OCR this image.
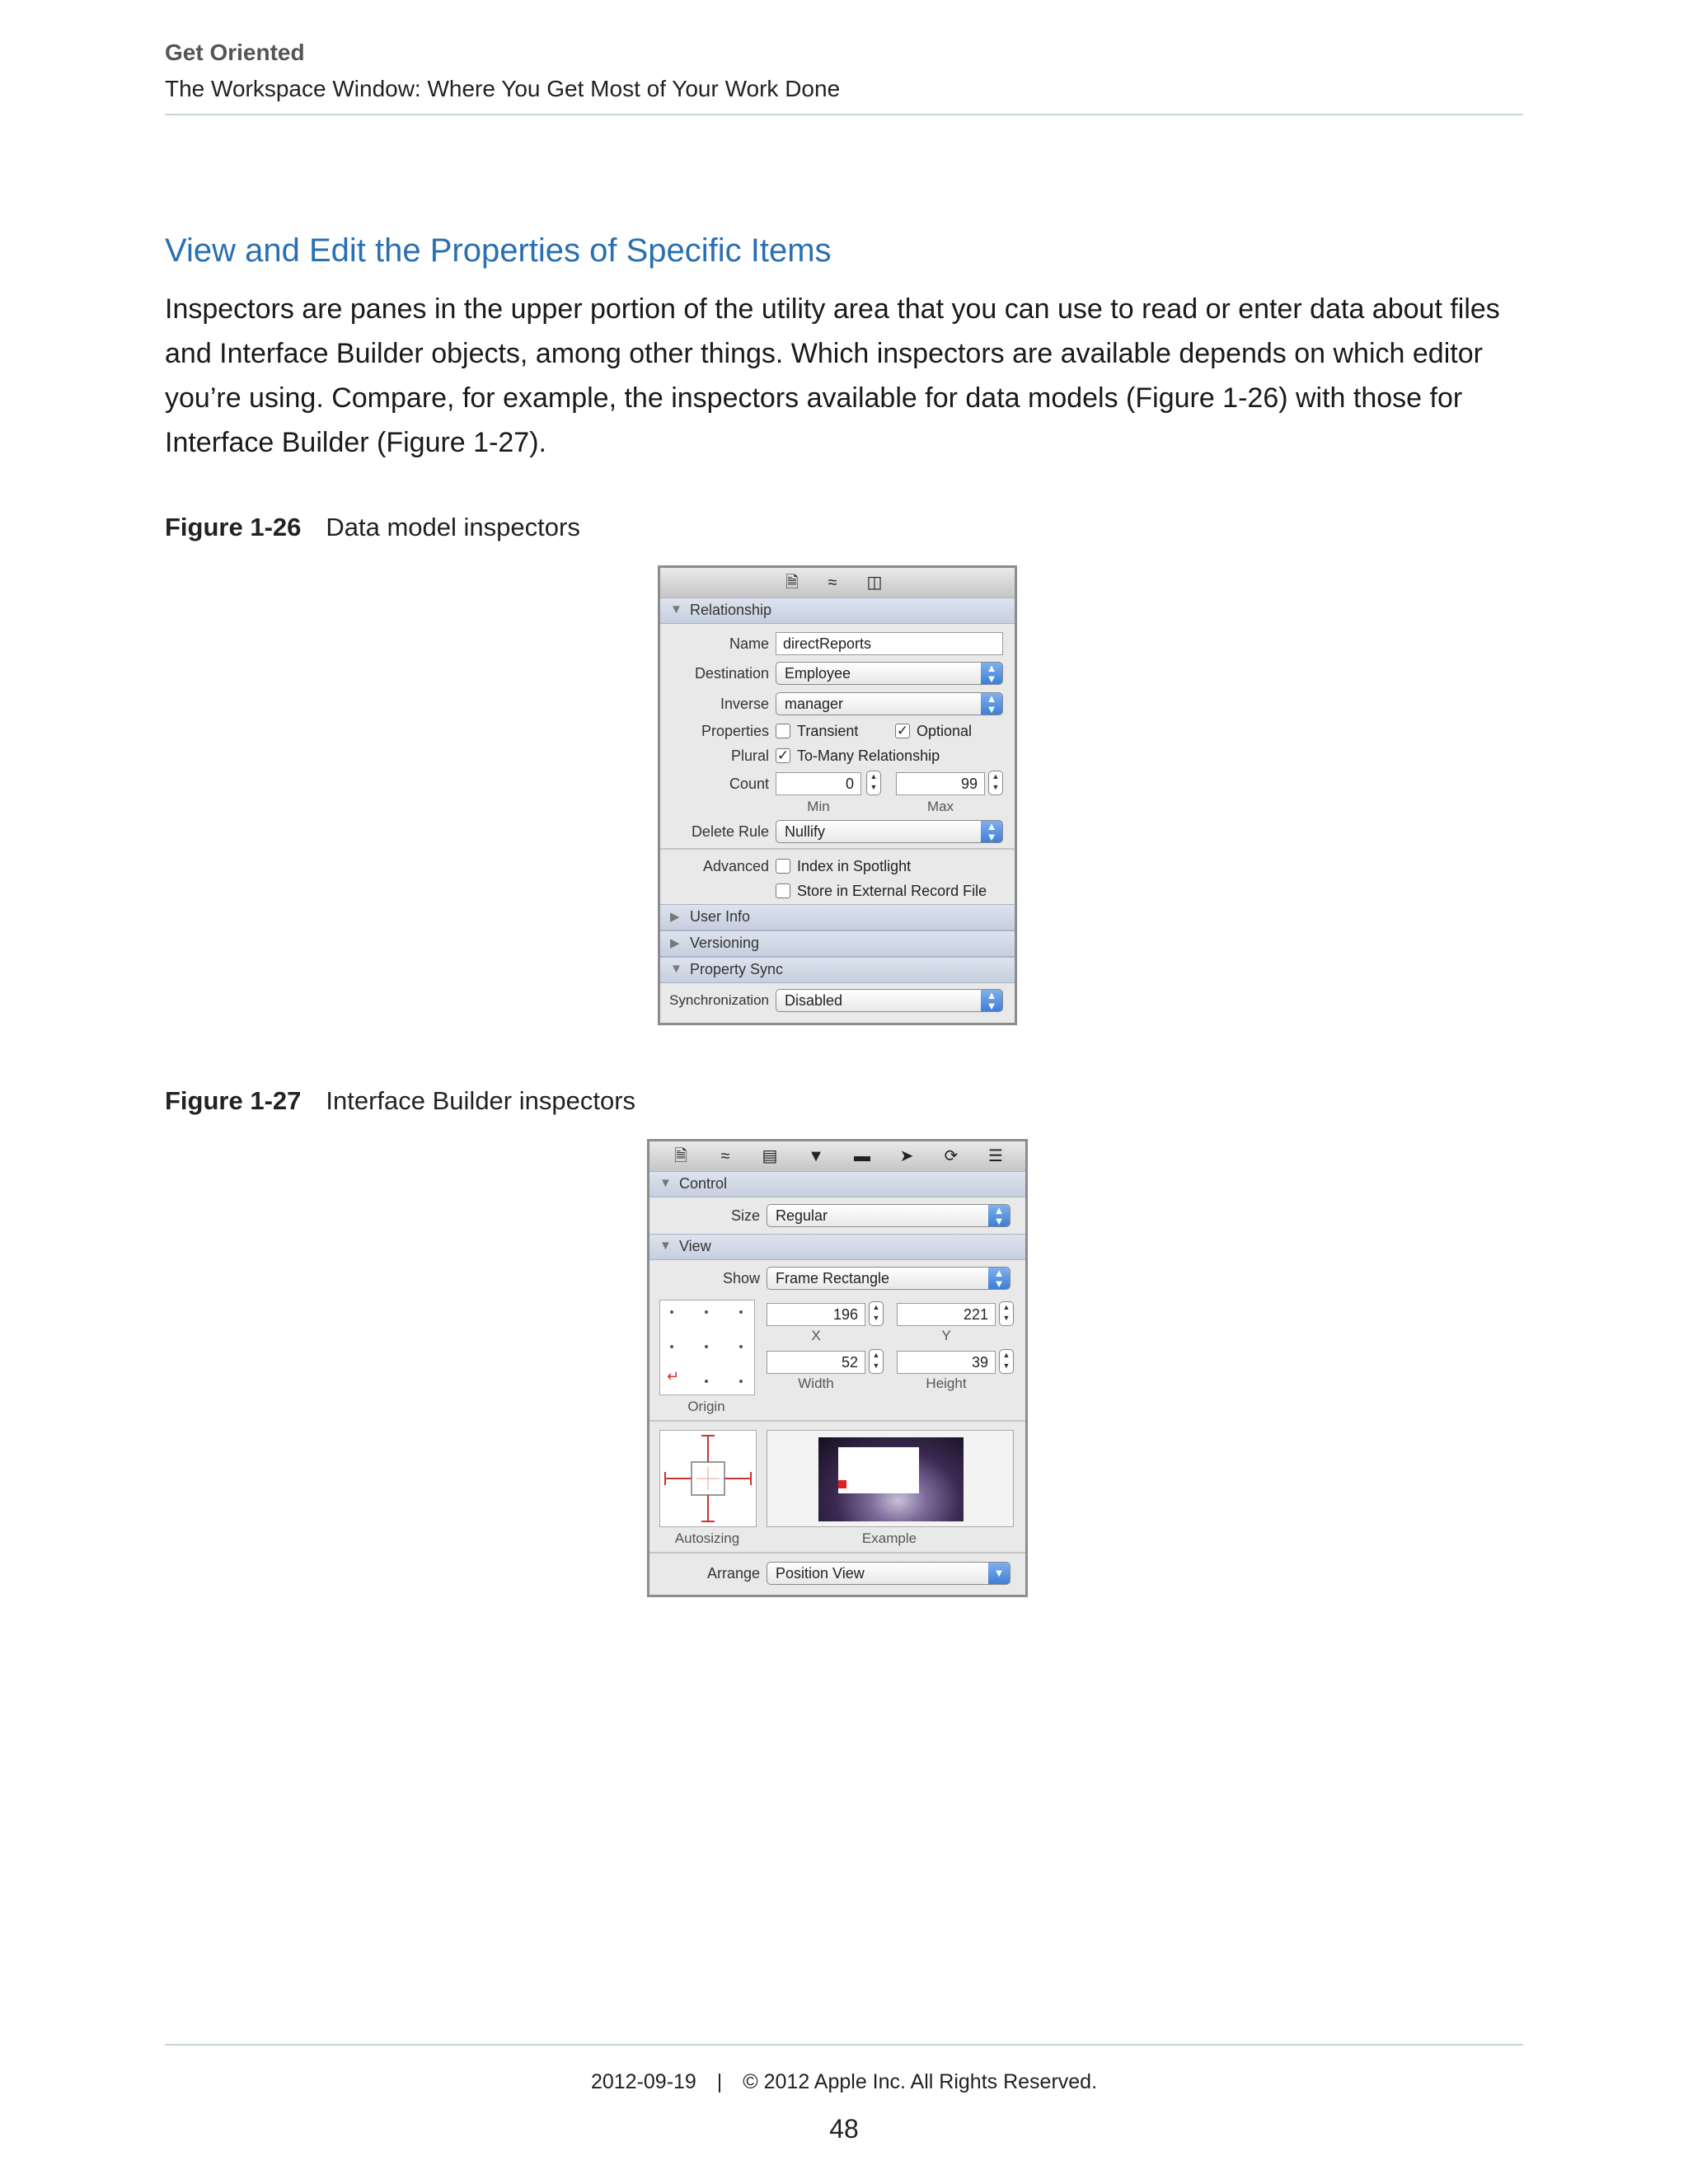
Get Oriented
The Workspace Window: Where You Get Most of Your Work Done
View and Edit the Properties of Specific Items

Inspectors are panes in the upper portion of the utility area that you can use to read or enter data about files and Interface Builder objects, among other things. Which inspectors are available depends on which editor you’re using. Compare, for example, the inspectors available for data models (Figure 1-26) with those for Interface Builder (Figure 1-27).

Figure 1-26 Data model inspectors
🗎	≈	◫
▼ Relationship
Name directReports
Destination	Employee	▲
▼
Inverse	manager	▲
▼
Properties Transient	✓ Optional
Plural ✓ To-Many Relationship
Count	0	▲
▼	99	▲
▼
Min	Max
Delete Rule	Nullify	▲
▼
Advanced Index in Spotlight
Store in External Record File
▶ User Info
▶ Versioning
▼ Property Sync
Synchronization	Disabled	▲
▼
Figure 1-27 Interface Builder inspectors
🗎	≈	▤ ▼ ▬ ➤ ⟳ ☰
▼ Control
Size	Regular	▲
▼
▼ View
Show	Frame Rectangle	▲
▼
↵
Origin
196	▲
▼	221	▲
▼
X	Y
52	▲
▼	39	▲
▼
Width	Height
Autosizing	Example
Arrange	Position View	▼
2012-09-19 | © 2012 Apple Inc. All Rights Reserved.
48
